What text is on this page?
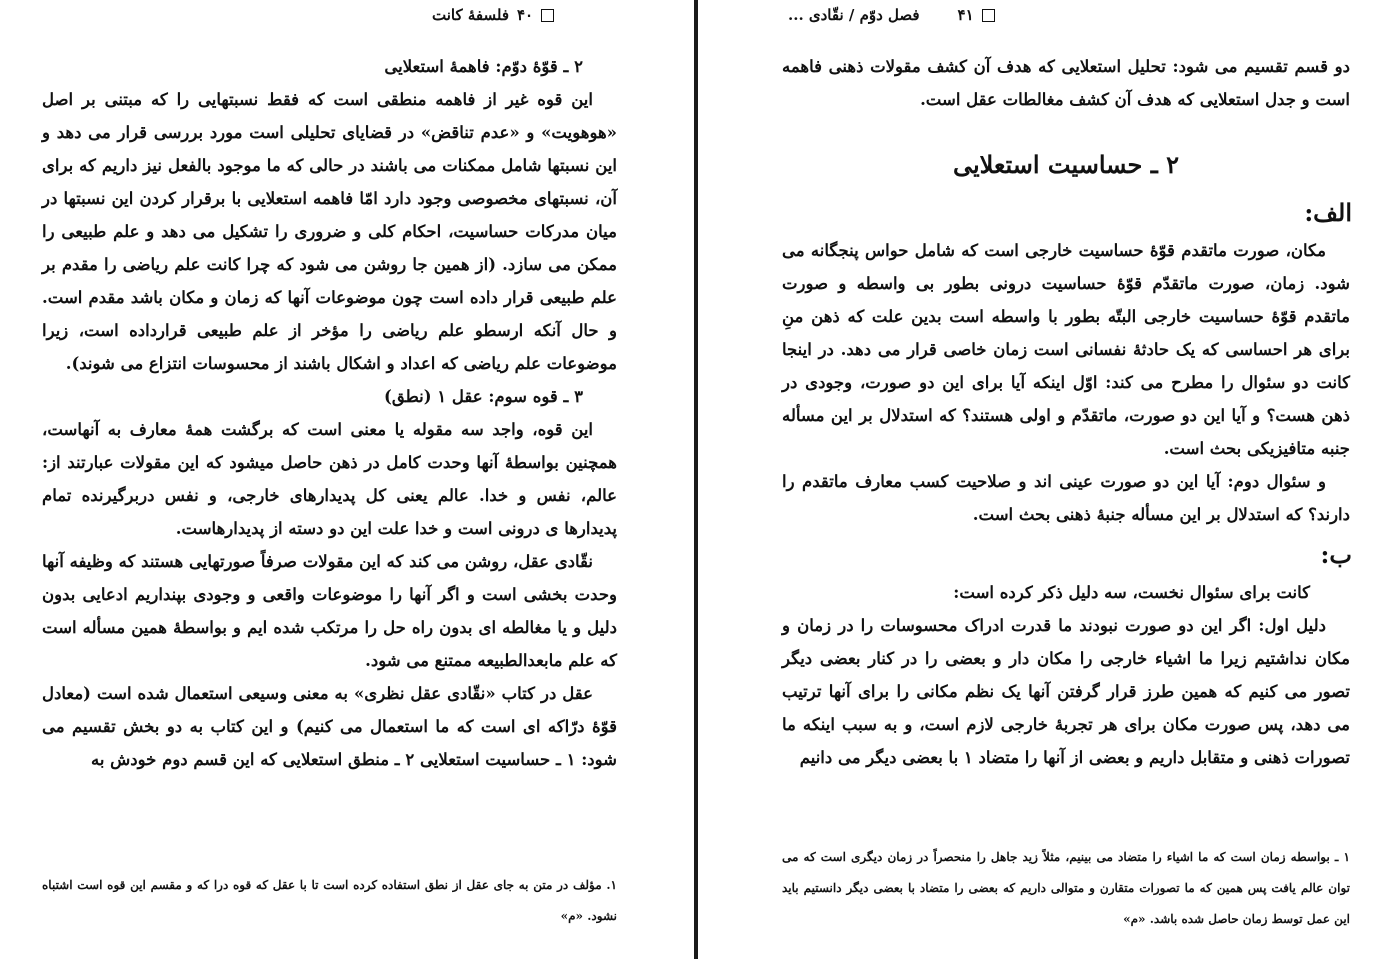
۴۰
فلسفهٔ کانت

۲ ـ قوّهٔ دوّم: فاهمهٔ استعلایی

این قوه غیر از فاهمه منطقی است که فقط نسبتهایی را که مبتنی بر اصل «هوهویت» و «عدم تناقض» در قضایای تحلیلی است مورد بررسی قرار می دهد و این نسبتها شامل ممکنات می باشند در حالی که ما موجود بالفعل نیز داریم که برای آن، نسبتهای مخصوصی وجود دارد امّا فاهمه استعلایی با برقرار کردن این نسبتها در میان مدرکات حساسیت، احکام کلی و ضروری را تشکیل می دهد و علم طبیعی را ممکن می سازد. (از همین جا روشن می شود که چرا کانت علم ریاضی را مقدم بر علم طبیعی قرار داده است چون موضوعات آنها که زمان و مکان باشد مقدم است. و حال آنکه ارسطو علم ریاضی را مؤخر از علم طبیعی قرارداده است، زیرا موضوعات علم ریاضی که اعداد و اشکال باشند از محسوسات انتزاع می شوند).

۳ ـ قوه سوم: عقل ۱ (نطق)

این قوه، واجد سه مقوله یا معنی است که برگشت همهٔ معارف به آنهاست، همچنین بواسطهٔ آنها وحدت کامل در ذهن حاصل میشود که این مقولات عبارتند از: عالم، نفس و خدا. عالم یعنی کل پدیدارهای خارجی، و نفس دربرگیرنده تمام پدیدارها ی درونی است و خدا علت این دو دسته از پدیدارهاست.

نقّادی عقل، روشن می کند که این مقولات صرفاً صورتهایی هستند که وظیفه آنها وحدت بخشی است و اگر آنها را موضوعات واقعی و وجودی بپنداریم ادعایی بدون دلیل و یا مغالطه ای بدون راه حل را مرتکب شده ایم و بواسطهٔ همین مسأله است که علم مابعدالطبیعه ممتنع می شود.

عقل در کتاب «نقّادی عقل نظری» به معنی وسیعی استعمال شده است (معادل قوّهٔ درّاکه ای است که ما استعمال می کنیم) و این کتاب به دو بخش تقسیم می شود: ۱ ـ حساسیت استعلایی ۲ ـ منطق استعلایی که این قسم دوم خودش به

۱. مؤلف در متن به جای عقل از نطق استفاده کرده است تا با عقل که قوه درا که و مقسم این قوه است اشتباه نشود. «م»

۴۱
فصل دوّم / نقّادی ...

دو قسم تقسیم می شود: تحلیل استعلایی که هدف آن کشف مقولات ذهنی فاهمه است و جدل استعلایی که هدف آن کشف مغالطات عقل است.

۲ ـ حساسیت استعلایی
الف:

مکان، صورت ماتقدم قوّهٔ حساسیت خارجی است که شامل حواس پنجگانه می شود. زمان، صورت ماتقدّم قوّهٔ حساسیت درونی بطور بی واسطه و صورت ماتقدم قوّهٔ حساسیت خارجی البتّه بطور با واسطه است بدین علت که ذهن منِ برای هر احساسی که یک حادثهٔ نفسانی است زمان خاصی قرار می دهد. در اینجا کانت دو سئوال را مطرح می کند: اوّل اینکه آیا برای این دو صورت، وجودی در ذهن هست؟ و آیا این دو صورت، ماتقدّم و اولی هستند؟ که استدلال بر این مسأله جنبه متافیزیکی بحث است.

و سئوال دوم: آیا این دو صورت عینی اند و صلاحیت کسب معارف ماتقدم را دارند؟ که استدلال بر این مسأله جنبهٔ ذهنی بحث است.

ب:

کانت برای سئوال نخست، سه دلیل ذکر کرده است:

دلیل اول: اگر این دو صورت نبودند ما قدرت ادراک محسوسات را در زمان و مکان نداشتیم زیرا ما اشیاء خارجی را مکان دار و بعضی را در کنار بعضی دیگر تصور می کنیم که همین طرز قرار گرفتن آنها یک نظم مکانی را برای آنها ترتیب می دهد، پس صورت مکان برای هر تجربهٔ خارجی لازم است، و به سبب اینکه ما تصورات ذهنی و متقابل داریم و بعضی از آنها را متضاد ۱ با بعضی دیگر می دانیم

۱ ـ بواسطه زمان است که ما اشیاء را متضاد می بینیم، مثلاً زید جاهل را منحصراً در زمان دیگری است که می توان عالم یافت پس همین که ما تصورات متقارن و متوالی داریم که بعضی را متضاد با بعضی دیگر دانستیم باید این عمل توسط زمان حاصل شده باشد. «م»
